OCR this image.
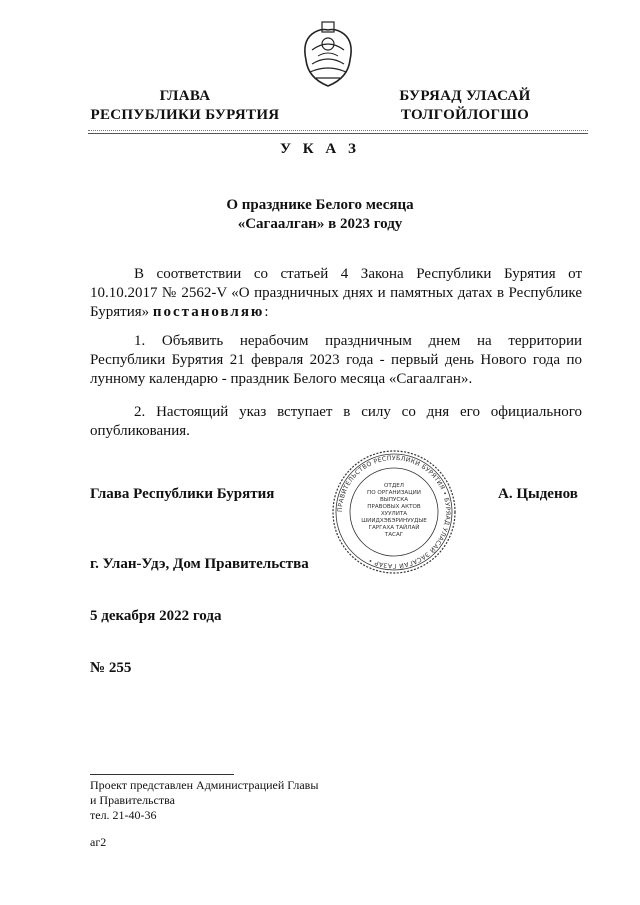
ГЛАВА
РЕСПУБЛИКИ БУРЯТИЯ
БУРЯАД УЛАСАЙ
ТОЛГОЙЛОГШО
У К А З
О празднике Белого месяца
«Сагаалган» в 2023 году
В соответствии со статьей 4 Закона Республики Бурятия от 10.10.2017 № 2562-V «О праздничных днях и памятных датах в Республике Бурятия» постановляю:
1. Объявить нерабочим праздничным днем на территории Республики Бурятия 21 февраля 2023 года - первый день Нового года по лунному календарю - праздник Белого месяца «Сагаалган».
2. Настоящий указ вступает в силу со дня его официального опубликования.
Глава Республики Бурятия	А. Цыденов
ПРАВИТЕЛЬСТВО РЕСПУБЛИКИ БУРЯТИЯ • БУРЯАД УЛАСАЙ ЗАСАГАЙ ГАЗАР •
ОТДЕЛ
ПО ОРГАНИЗАЦИИ
ВЫПУСКА
ПРАВОВЫХ АКТОВ
ХУУЛИТА
ШИИДХЭБЭРИНУУДЫЕ
ГАРГАХА ТАЙЛАЙ
ТАСАГ
г. Улан-Удэ, Дом Правительства
5 декабря 2022 года
№ 255
Проект представлен Администрацией Главы
и Правительства
тел. 21-40-36
аг2
